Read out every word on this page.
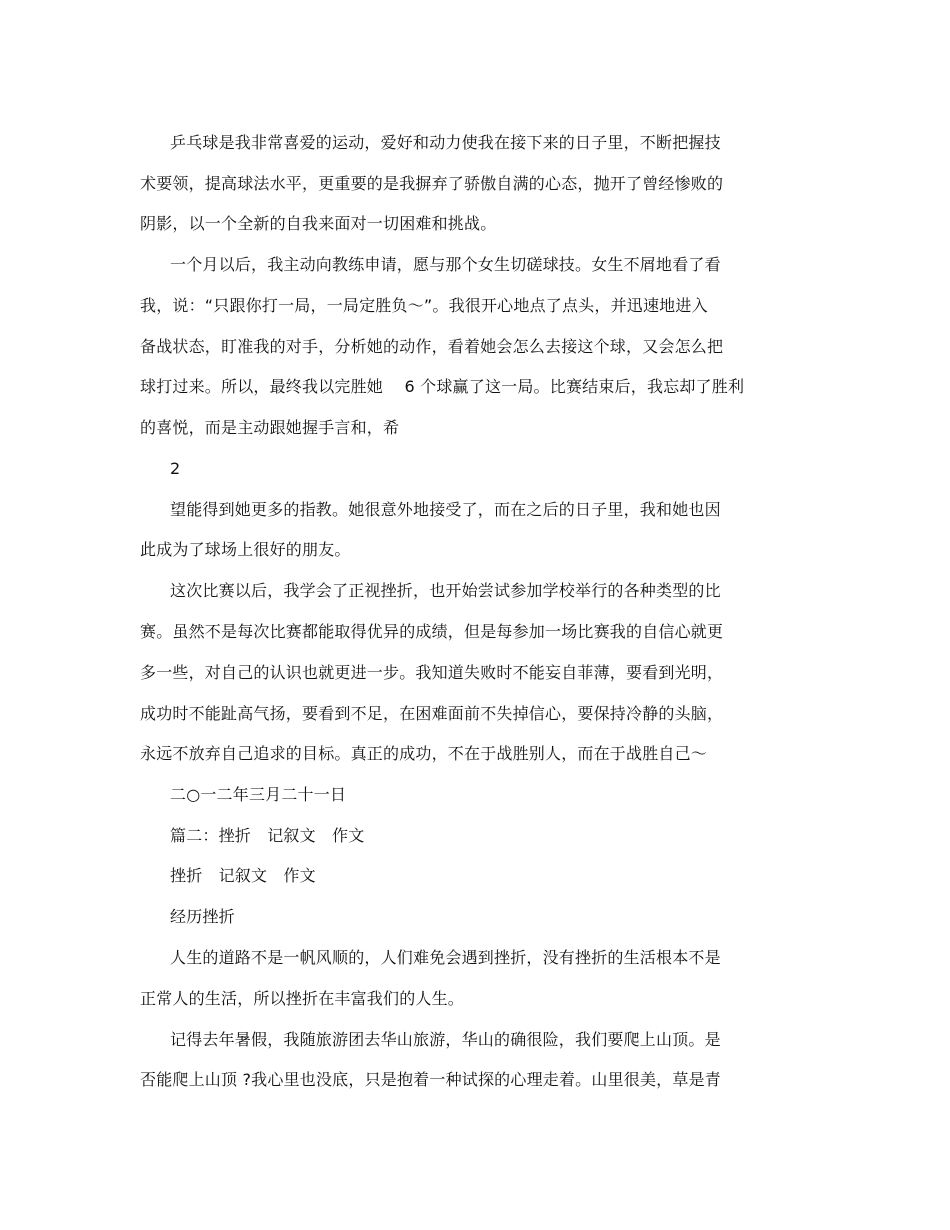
乒乓球是我非常喜爱的运动，爱好和动力使我在接下来的日子里，不断把握技
术要领，提高球法水平，更重要的是我摒弃了骄傲自满的心态，抛开了曾经惨败的
阴影，以一个全新的自我来面对一切困难和挑战。
一个月以后，我主动向教练申请，愿与那个女生切磋球技。女生不屑地看了看
我，说：“只跟你打一局，一局定胜负～”。我很开心地点了点头，并迅速地进入
备战状态，盯准我的对手，分析她的动作，看着她会怎么去接这个球，又会怎么把
球打过来。所以，最终我以完胜她　 6 个球赢了这一局。比赛结束后，我忘却了胜利
的喜悦，而是主动跟她握手言和，希
2
望能得到她更多的指教。她很意外地接受了，而在之后的日子里，我和她也因
此成为了球场上很好的朋友。
这次比赛以后，我学会了正视挫折，也开始尝试参加学校举行的各种类型的比
赛。虽然不是每次比赛都能取得优异的成绩，但是每参加一场比赛我的自信心就更
多一些，对自己的认识也就更进一步。我知道失败时不能妄自菲薄，要看到光明，
成功时不能趾高气扬，要看到不足，在困难面前不失掉信心，要保持冷静的头脑，
永远不放弃自己追求的目标。真正的成功，不在于战胜别人，而在于战胜自己～
二○一二年三月二十一日
篇二：挫折　记叙文　作文
挫折　记叙文　作文
经历挫折
人生的道路不是一帆风顺的，人们难免会遇到挫折，没有挫折的生活根本不是
正常人的生活，所以挫折在丰富我们的人生。
记得去年暑假，我随旅游团去华山旅游，华山的确很险，我们要爬上山顶。是
否能爬上山顶 ?我心里也没底，只是抱着一种试探的心理走着。山里很美，草是青
